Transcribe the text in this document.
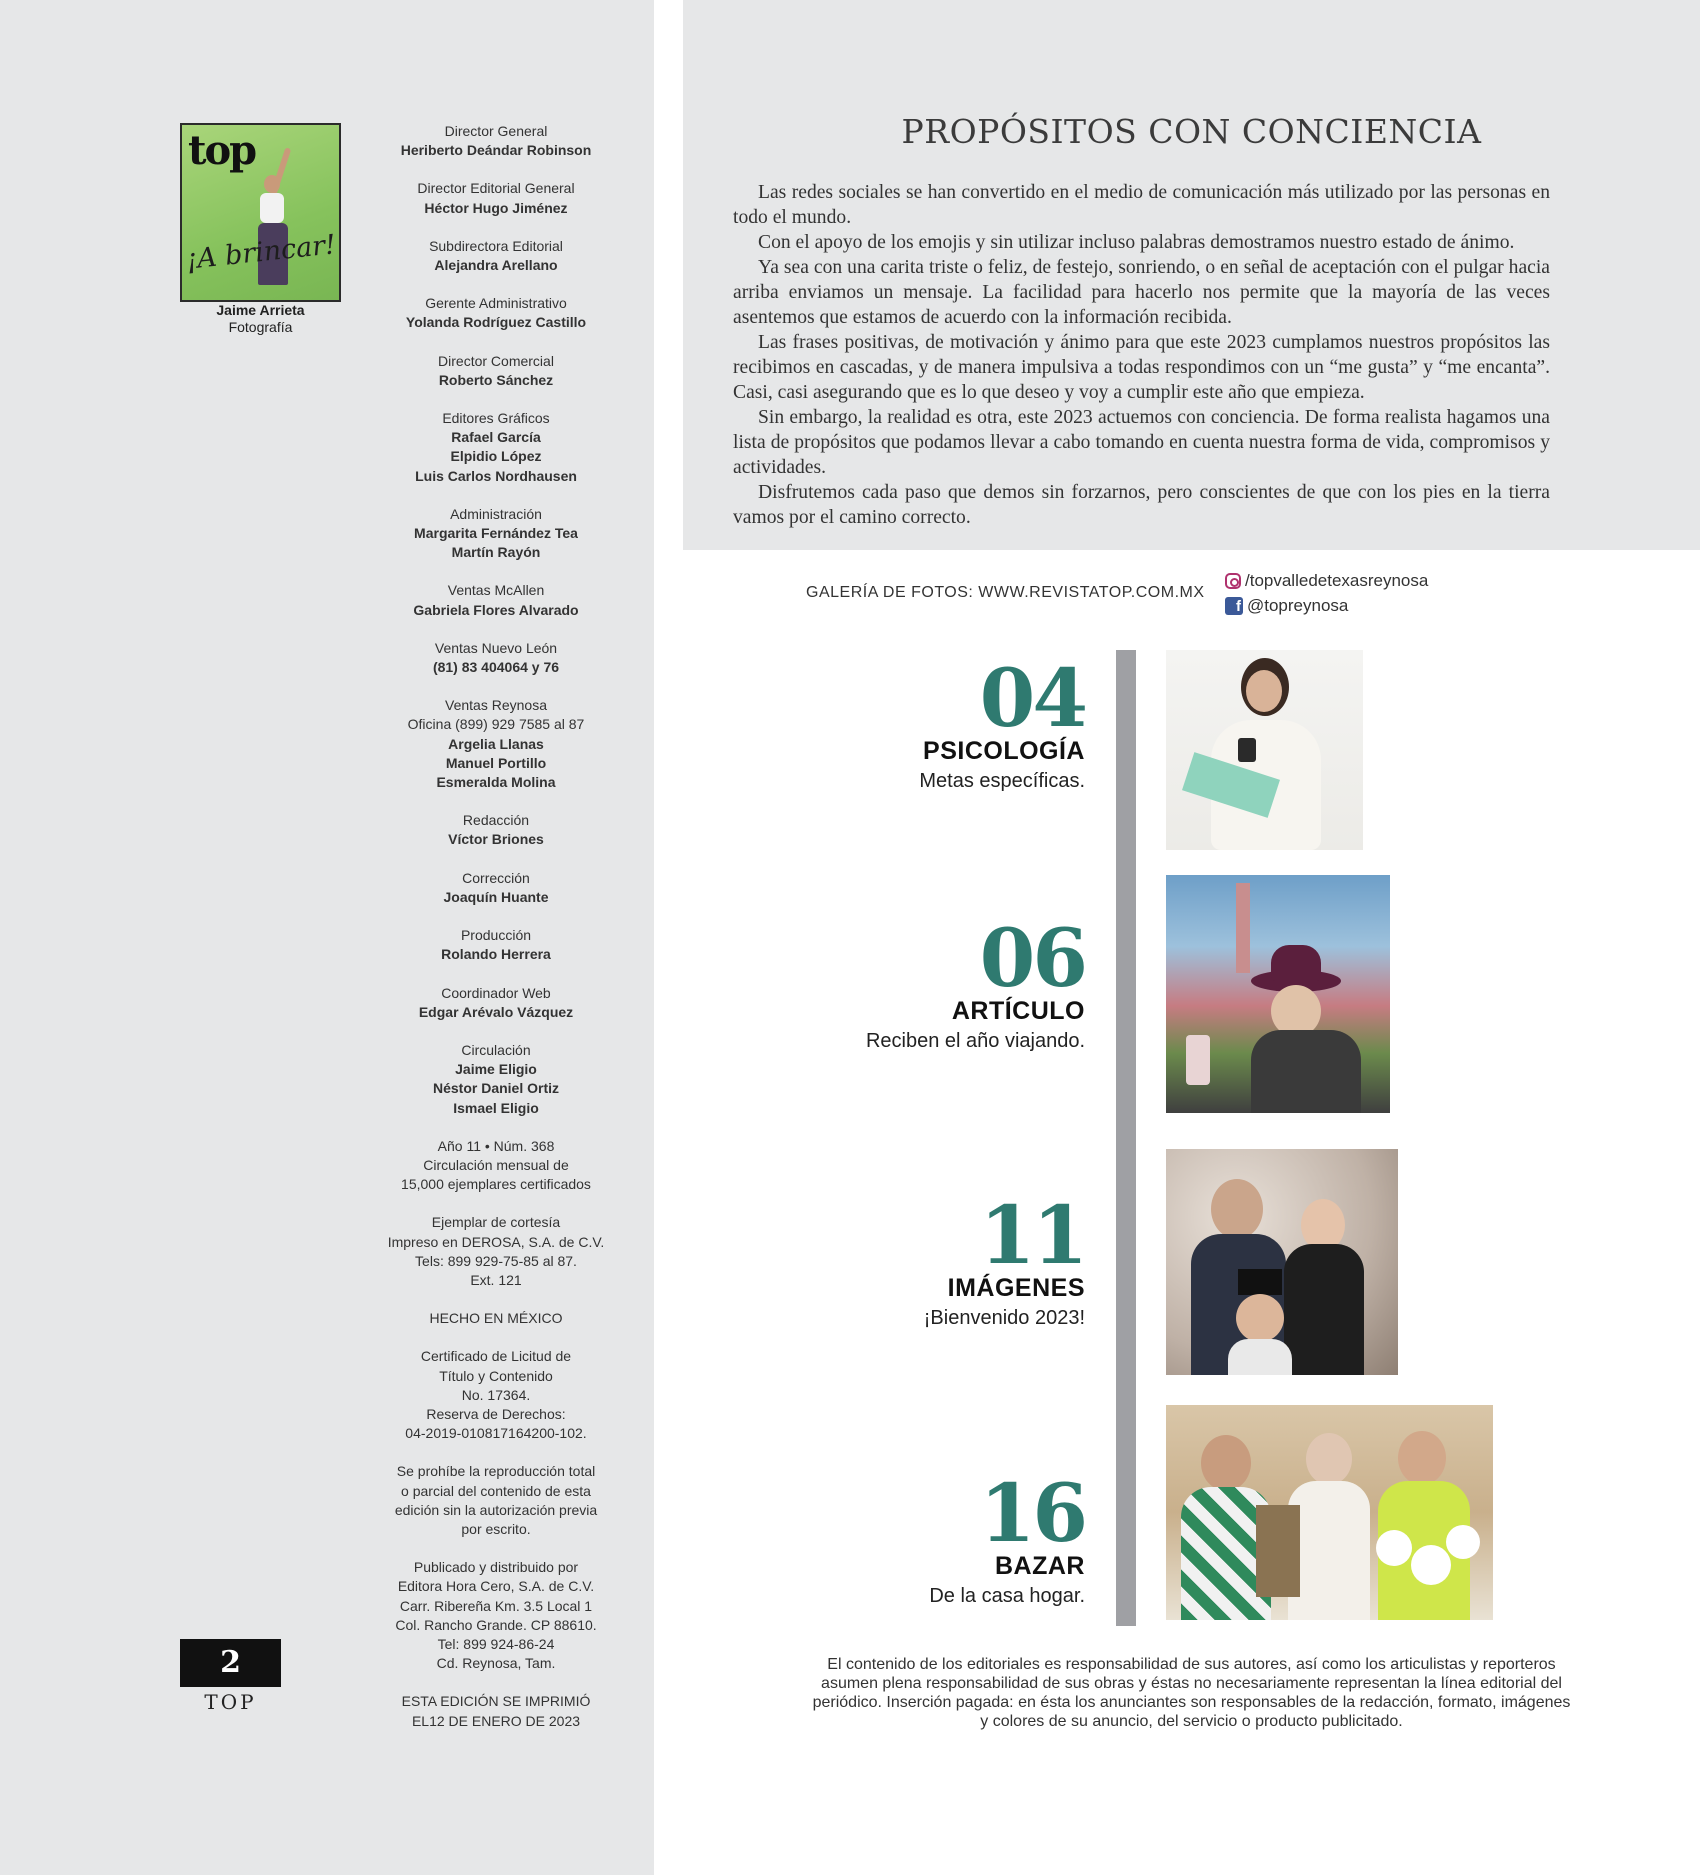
top
¡A brincar!
Jaime Arrieta
Fotografía
Director General
Heriberto Deándar Robinson
Director Editorial General
Héctor Hugo Jiménez
Subdirectora Editorial
Alejandra Arellano
Gerente Administrativo
Yolanda Rodríguez Castillo
Director Comercial
Roberto Sánchez
Editores Gráficos
Rafael García
Elpidio López
Luis Carlos Nordhausen
Administración
Margarita Fernández Tea
Martín Rayón
Ventas McAllen
Gabriela Flores Alvarado
Ventas Nuevo León
(81) 83 404064 y 76
Ventas Reynosa
Oficina (899) 929 7585 al 87
Argelia Llanas
Manuel Portillo
Esmeralda Molina
Redacción
Víctor Briones
Corrección
Joaquín Huante
Producción
Rolando Herrera
Coordinador Web
Edgar Arévalo Vázquez
Circulación
Jaime Eligio
Néstor Daniel Ortiz
Ismael Eligio
Año 11 • Núm. 368
Circulación mensual de
15,000 ejemplares certificados
Ejemplar de cortesía
Impreso en DEROSA, S.A. de C.V.
Tels: 899 929-75-85 al 87.
Ext. 121
HECHO EN MÉXICO
Certificado de Licitud de
Título y Contenido
No. 17364.
Reserva de Derechos:
04-2019-010817164200-102.
Se prohíbe la reproducción total
o parcial del contenido de esta
edición sin la autorización previa
por escrito.
Publicado y distribuido por
Editora Hora Cero, S.A. de C.V.
Carr. Ribereña Km. 3.5 Local 1
Col. Rancho Grande. CP 88610.
Tel: 899 924-86-24
Cd. Reynosa, Tam.
ESTA EDICIÓN SE IMPRIMIÓ
EL12 DE ENERO DE 2023
2
TOP
PROPÓSITOS CON CONCIENCIA

Las redes sociales se han convertido en el medio de comunicación más utilizado por las personas en todo el mundo.

Con el apoyo de los emojis y sin utilizar incluso palabras demostramos nuestro estado de ánimo.

Ya sea con una carita triste o feliz, de festejo, sonriendo, o en señal de aceptación con el pulgar hacia arriba enviamos un mensaje. La facilidad para hacerlo nos permite que la mayoría de las veces asentemos que estamos de acuerdo con la información recibida.

Las frases positivas, de motivación y ánimo para que este 2023 cumplamos nuestros propósitos las recibimos en cascadas, y de manera impulsiva a todas respondimos con un “me gusta” y “me encanta”. Casi, casi asegurando que es lo que deseo y voy a cumplir este año que empieza.

Sin embargo, la realidad es otra, este 2023 actuemos con conciencia. De forma realista hagamos una lista de propósitos que podamos llevar a cabo tomando en cuenta nuestra forma de vida, compromisos y actividades.

Disfrutemos cada paso que demos sin forzarnos, pero conscientes de que con los pies en la tierra vamos por el camino correcto.

GALERÍA DE FOTOS: WWW.REVISTATOP.COM.MX
/topvalledetexasreynosa
f @topreynosa
04
PSICOLOGÍA
Metas específicas.
06
ARTÍCULO
Reciben el año viajando.
11
IMÁGENES
¡Bienvenido 2023!
16
BAZAR
De la casa hogar.
El contenido de los editoriales es responsabilidad de sus autores, así como los articulistas y reporteros
asumen plena responsabilidad de sus obras y éstas no necesariamente representan la línea editorial del
periódico. Inserción pagada: en ésta los anunciantes son responsables de la redacción, formato, imágenes
y colores de su anuncio, del servicio o producto publicitado.
